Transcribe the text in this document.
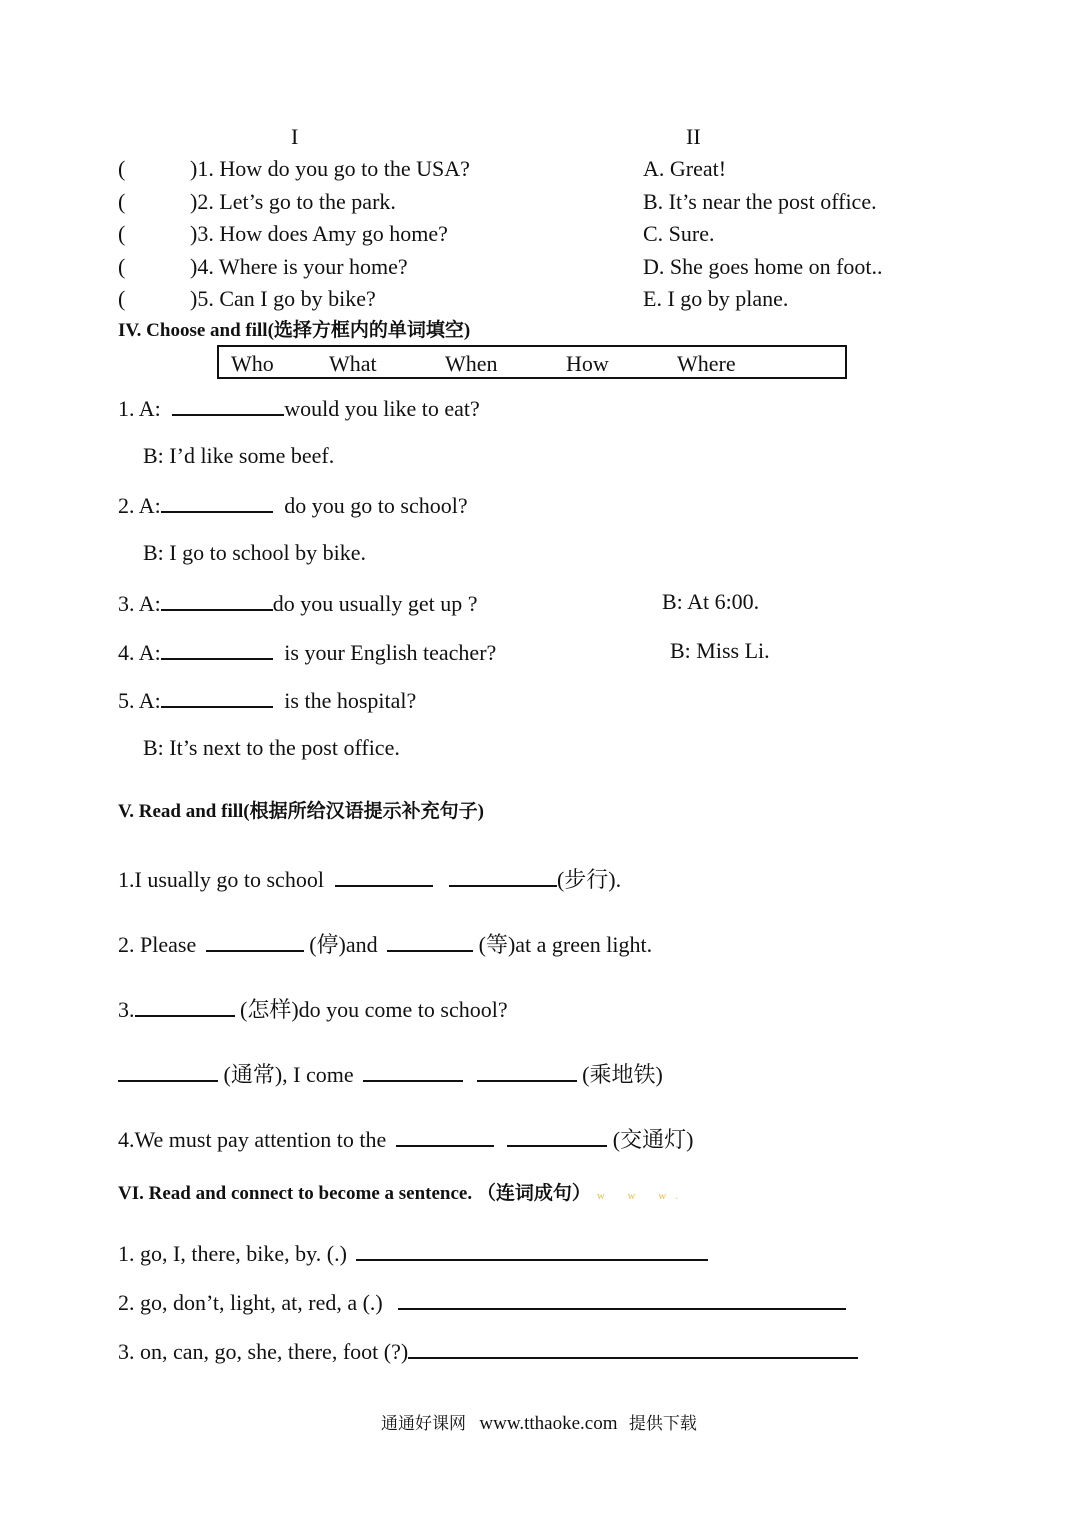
I	II
(	)1. How do you go to the USA?	A. Great!
(	)2. Let’s go to the park.	B. It’s near the post office.
(	)3. How does Amy go home?	C. Sure.
(	)4. Where is your home?	D. She goes home on foot..
(	)5. Can I go by bike?	E. I go by plane.
IV. Choose and fill(选择方框内的单词填空)
Who	What	When	How	Where
1. A:	would you like to eat?
B: I’d like some beef.
2. A:	do you go to school?
B: I go to school by bike.
3. A:	do you usually get up ?	B: At 6:00.
4. A:	is your English teacher?	B: Miss Li.
5. A:	is the hospital?
B: It’s next to the post office.
V. Read and fill(根据所给汉语提示补充句子)
1.I usually go to school	(步行).
2. Please	(停)and	(等)at a green light.
3.	(怎样)do you come to school?
(通常), I come	(乘地铁)
4.We must pay attention to the	(交通灯)
VI. Read and connect to become a sentence. （连词成句） w w w.
1. go, I, there, bike, by. (.)
2. go, don’t, light, at, red, a (.)
3. on, can, go, she, there, foot (?)
通通好课网 www.tthaoke.com 提供下载
